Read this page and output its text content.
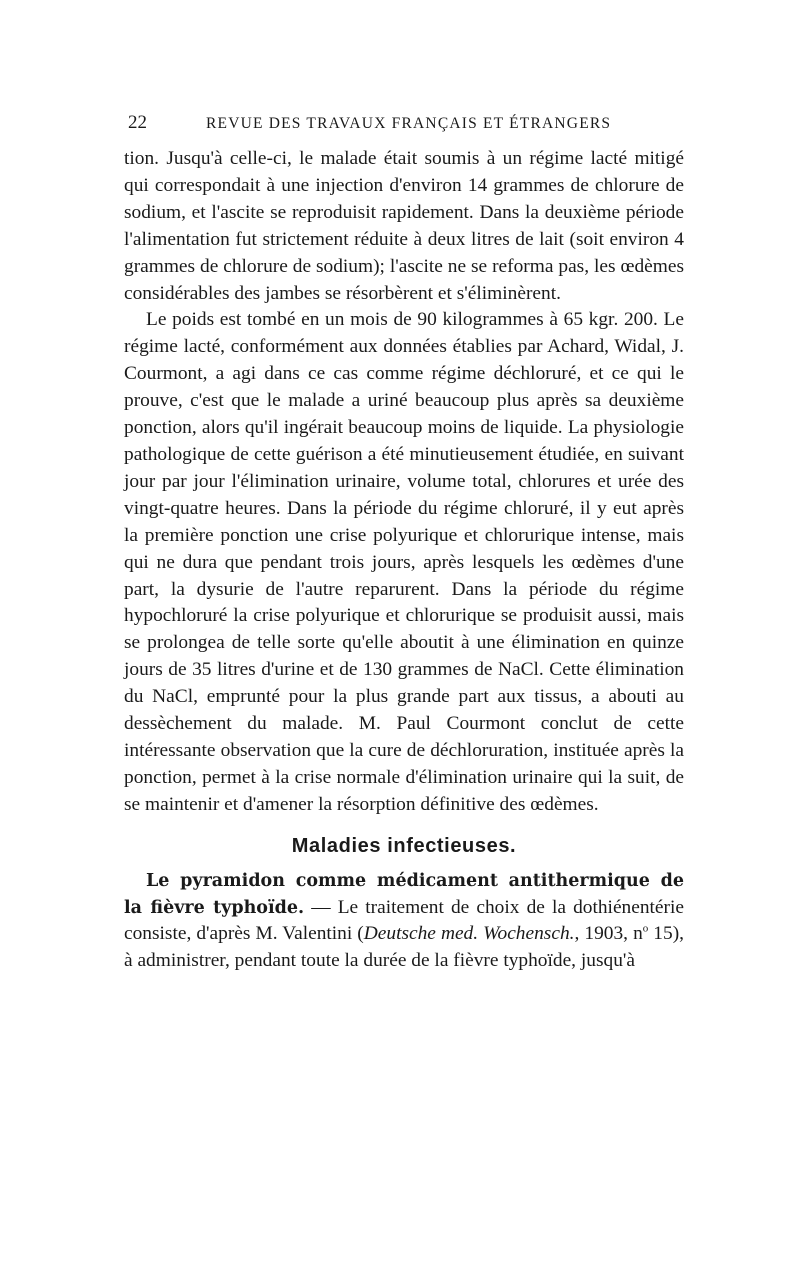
22	REVUE DES TRAVAUX FRANÇAIS ET ÉTRANGERS

tion. Jusqu'à celle-ci, le malade était soumis à un régime lacté mitigé qui correspondait à une injection d'environ 14 grammes de chlorure de sodium, et l'ascite se reproduisit rapidement. Dans la deuxième période l'alimentation fut strictement réduite à deux litres de lait (soit environ 4 grammes de chlorure de sodium); l'ascite ne se reforma pas, les œdèmes considérables des jambes se résorbèrent et s'éliminèrent.

Le poids est tombé en un mois de 90 kilogrammes à 65 kgr. 200. Le régime lacté, conformément aux données établies par Achard, Widal, J. Courmont, a agi dans ce cas comme régime déchloruré, et ce qui le prouve, c'est que le malade a uriné beaucoup plus après sa deuxième ponction, alors qu'il ingérait beaucoup moins de liquide. La physiologie pathologique de cette guérison a été minutieusement étudiée, en suivant jour par jour l'élimination urinaire, volume total, chlorures et urée des vingt-quatre heures. Dans la période du régime chloruré, il y eut après la première ponction une crise polyurique et chlorurique intense, mais qui ne dura que pendant trois jours, après lesquels les œdèmes d'une part, la dysurie de l'autre reparurent. Dans la période du régime hypochloruré la crise polyurique et chlorurique se produisit aussi, mais se prolongea de telle sorte qu'elle aboutit à une élimination en quinze jours de 35 litres d'urine et de 130 grammes de NaCl. Cette élimination du NaCl, emprunté pour la plus grande part aux tissus, a abouti au dessèchement du malade. M. Paul Courmont conclut de cette intéressante observation que la cure de déchloruration, instituée après la ponction, permet à la crise normale d'élimination urinaire qui la suit, de se maintenir et d'amener la résorption définitive des œdèmes.

Maladies infectieuses.

Le pyramidon comme médicament antithermique de la fièvre typhoïde. — Le traitement de choix de la dothiénentérie consiste, d'après M. Valentini (Deutsche med. Wochensch., 1903, $n^o$ 15), à administrer, pendant toute la durée de la fièvre typhoïde, jusqu'à
